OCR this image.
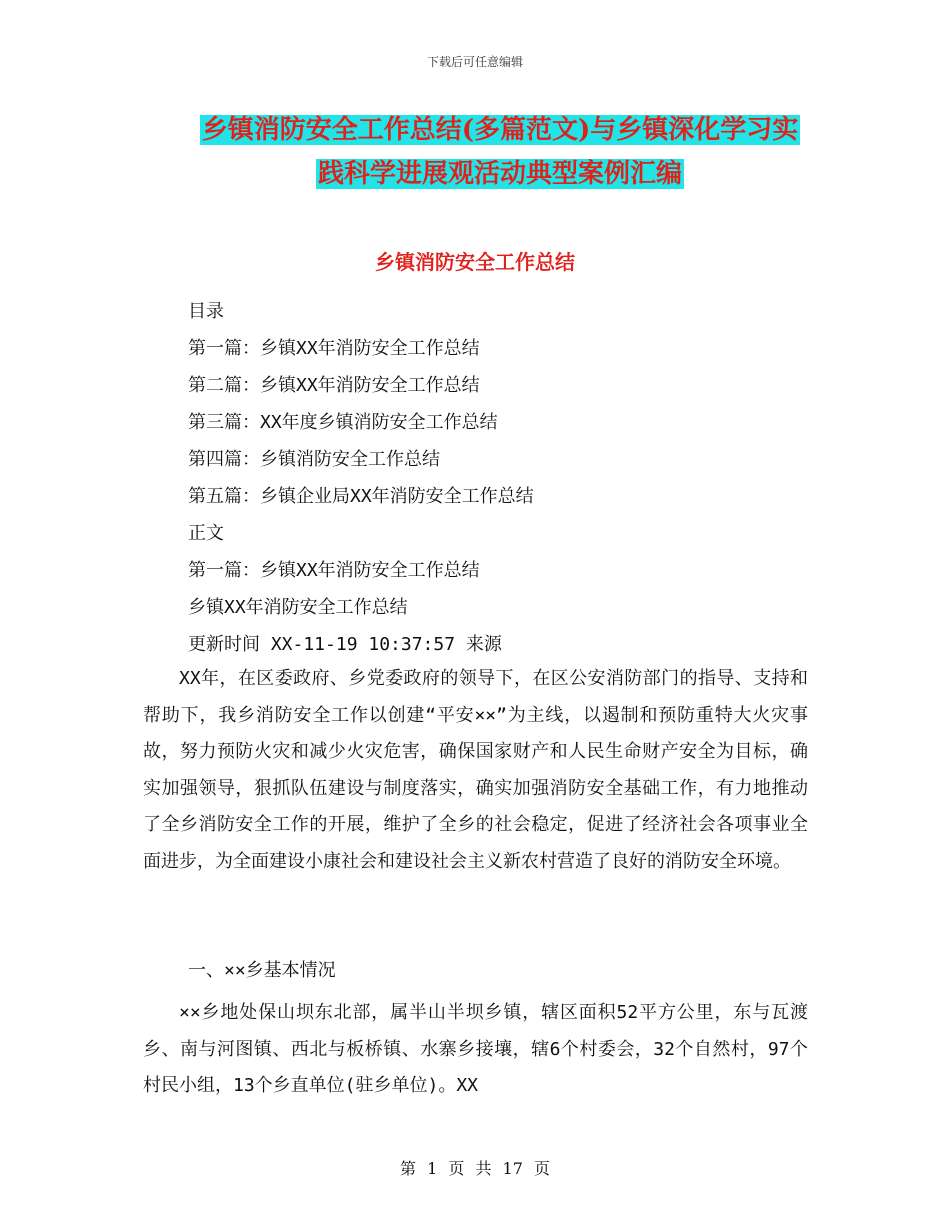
下载后可任意编辑
乡镇消防安全工作总结(多篇范文)与乡镇深化学习实
践科学进展观活动典型案例汇编
乡镇消防安全工作总结
目录
第一篇：乡镇XX年消防安全工作总结
第二篇：乡镇XX年消防安全工作总结
第三篇：XX年度乡镇消防安全工作总结
第四篇：乡镇消防安全工作总结
第五篇：乡镇企业局XX年消防安全工作总结
正文
第一篇：乡镇XX年消防安全工作总结
乡镇XX年消防安全工作总结
更新时间 XX-11-19 10:37:57 来源
XX年，在区委政府、乡党委政府的领导下，在区公安消防部门的指导、支持和帮助下，我乡消防安全工作以创建“平安××”为主线，以遏制和预防重特大火灾事故，努力预防火灾和减少火灾危害，确保国家财产和人民生命财产安全为目标，确实加强领导，狠抓队伍建设与制度落实，确实加强消防安全基础工作，有力地推动了全乡消防安全工作的开展，维护了全乡的社会稳定，促进了经济社会各项事业全面进步，为全面建设小康社会和建设社会主义新农村营造了良好的消防安全环境。
一、××乡基本情况
××乡地处保山坝东北部，属半山半坝乡镇，辖区面积52平方公里，东与瓦渡乡、南与河图镇、西北与板桥镇、水寨乡接壤，辖6个村委会，32个自然村，97个村民小组，13个乡直单位(驻乡单位)。XX
第 1 页 共 17 页
